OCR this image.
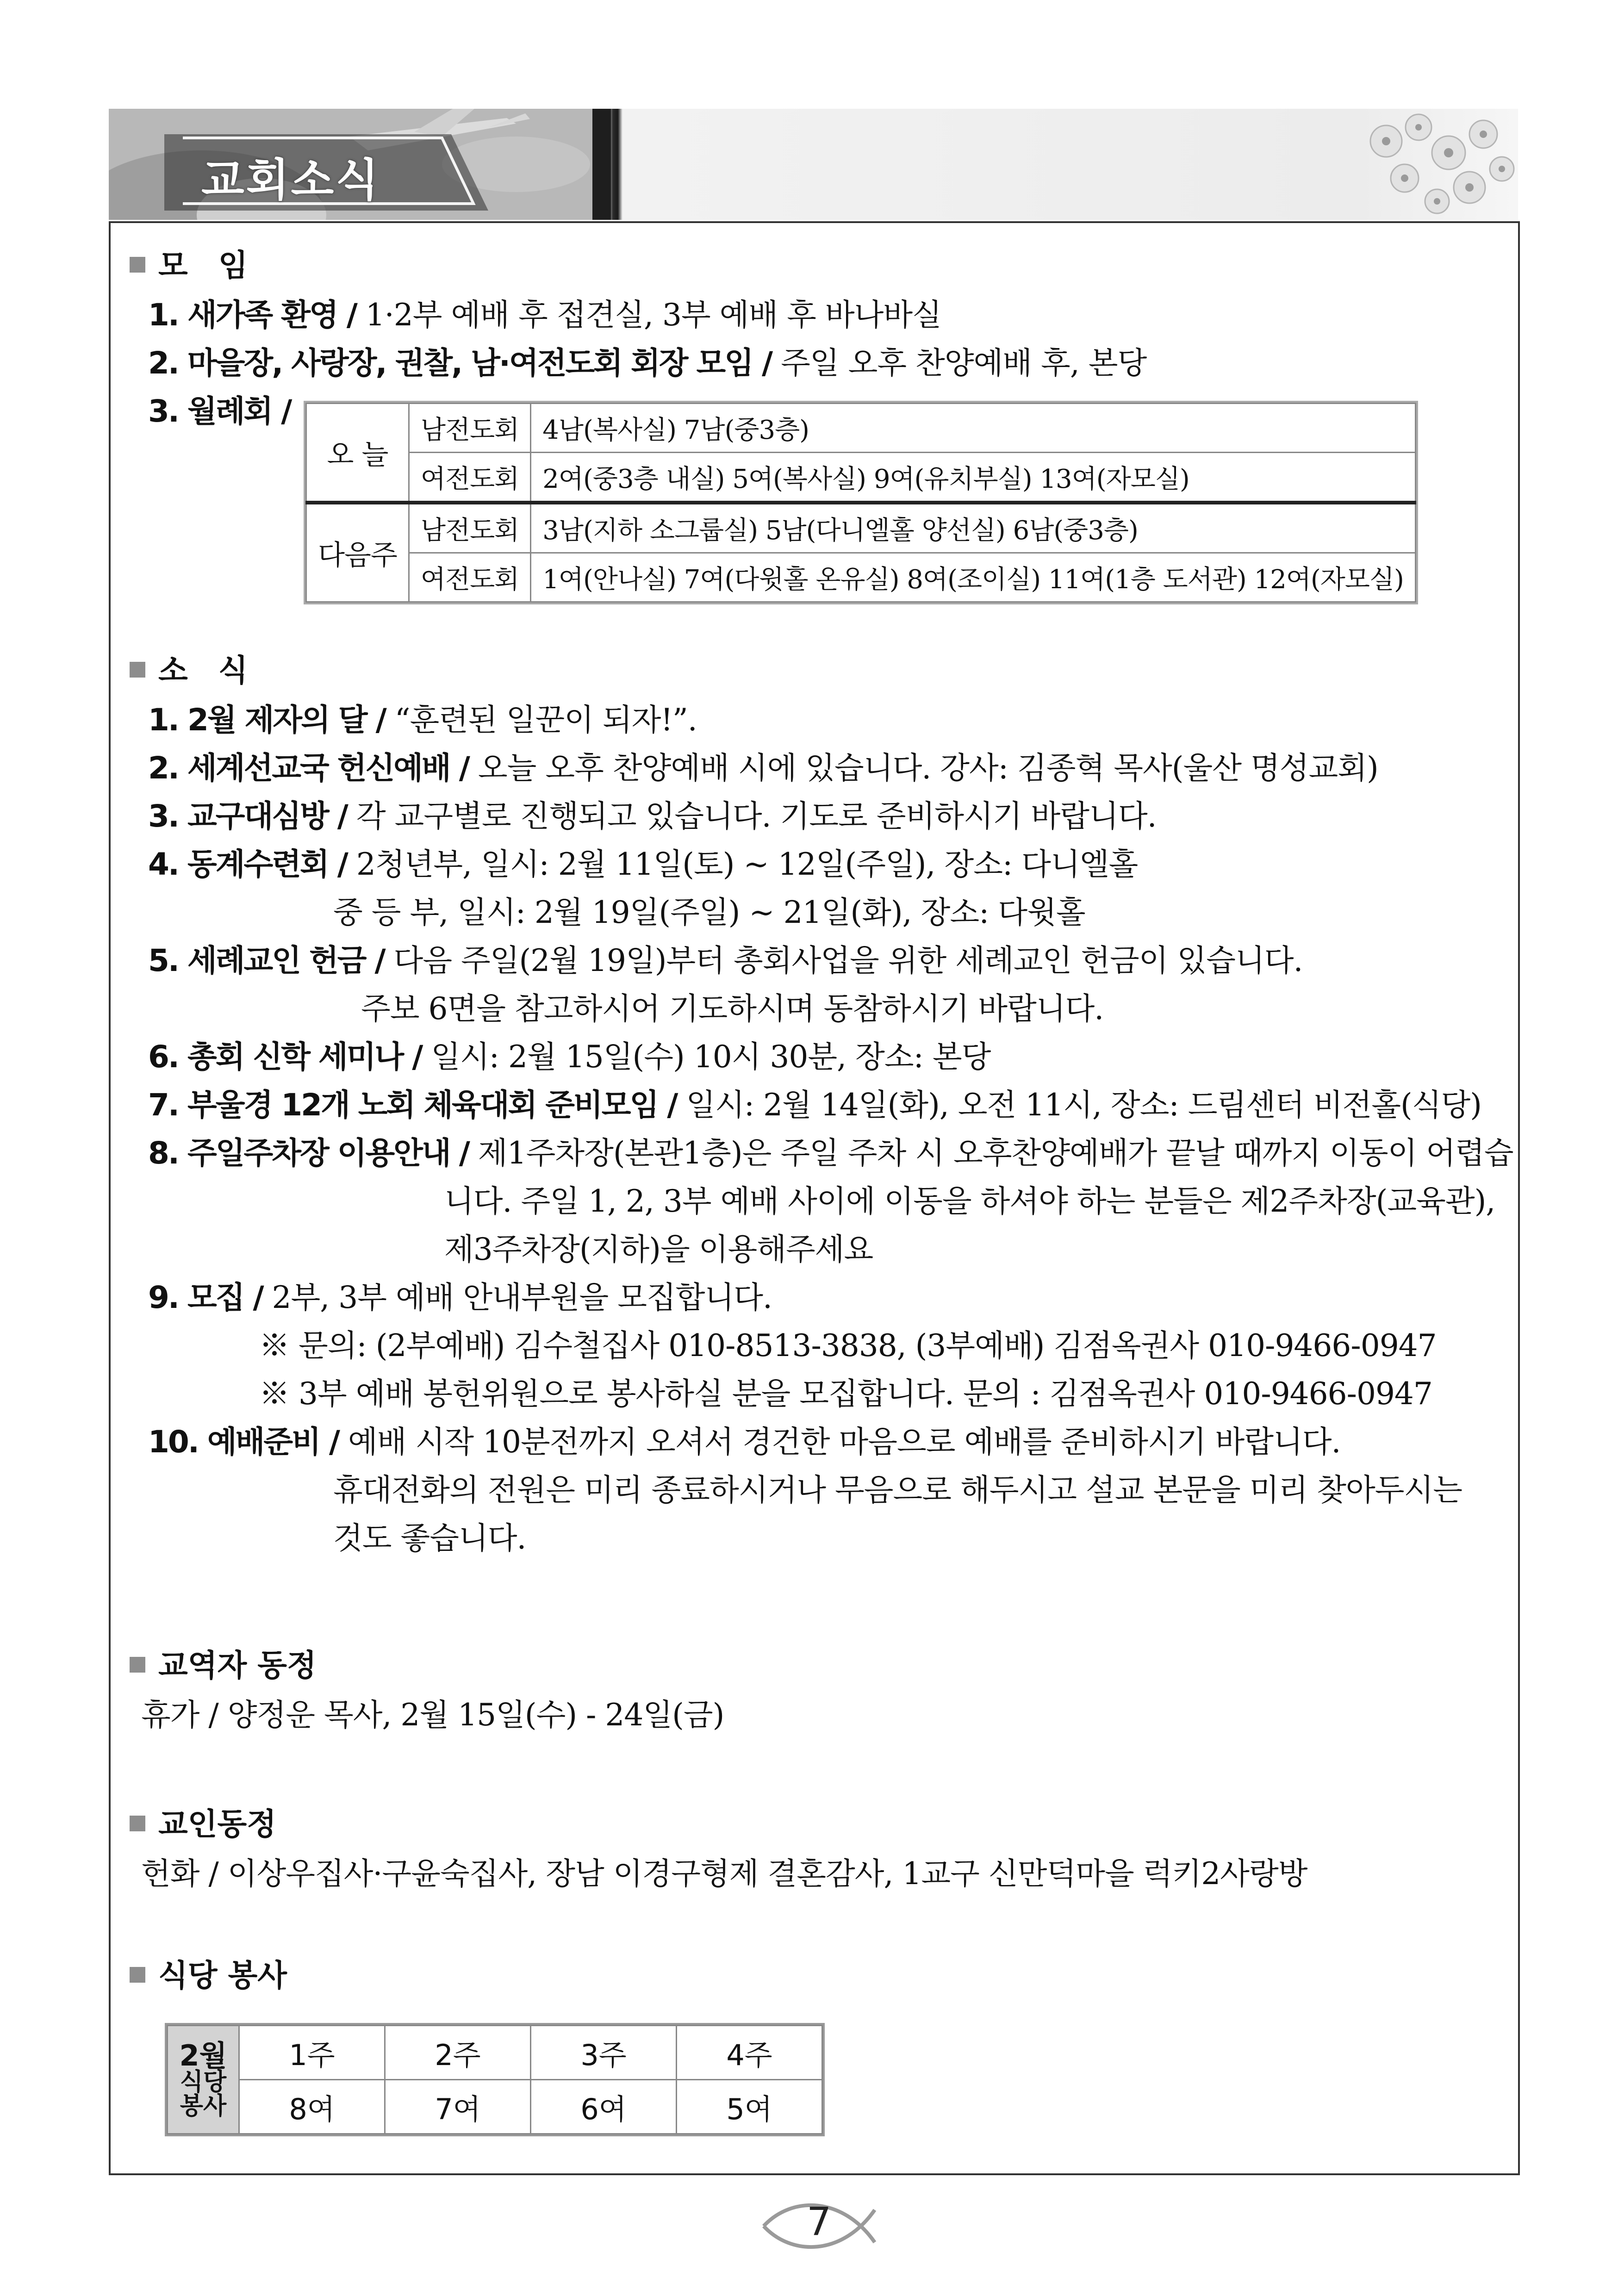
교회소식
모　임
1. 새가족 환영 / 1·2부 예배 후 접견실, 3부 예배 후 바나바실
2. 마을장, 사랑장, 권찰, 남·여전도회 회장 모임 / 주일 오후 찬양예배 후, 본당
3. 월례회 /
오 늘	남전도회	4남(복사실) 7남(중3층)
	여전도회	2여(중3층 내실) 5여(복사실) 9여(유치부실) 13여(자모실)
다음주	남전도회	3남(지하 소그룹실) 5남(다니엘홀 양선실) 6남(중3층)
	여전도회	1여(안나실) 7여(다윗홀 온유실) 8여(조이실) 11여(1층 도서관) 12여(자모실)
소　식
1. 2월 제자의 달 / “훈련된 일꾼이 되자!”.
2. 세계선교국 헌신예배 / 오늘 오후 찬양예배 시에 있습니다. 강사: 김종혁 목사(울산 명성교회)
3. 교구대심방 / 각 교구별로 진행되고 있습니다. 기도로 준비하시기 바랍니다.
4. 동계수련회 / 2청년부, 일시: 2월 11일(토) ~ 12일(주일), 장소: 다니엘홀
중 등 부, 일시: 2월 19일(주일) ~ 21일(화), 장소: 다윗홀
5. 세례교인 헌금 / 다음 주일(2월 19일)부터 총회사업을 위한 세례교인 헌금이 있습니다.
주보 6면을 참고하시어 기도하시며 동참하시기 바랍니다.
6. 총회 신학 세미나 / 일시: 2월 15일(수) 10시 30분, 장소: 본당
7. 부울경 12개 노회 체육대회 준비모임 / 일시: 2월 14일(화), 오전 11시, 장소: 드림센터 비전홀(식당)
8. 주일주차장 이용안내 / 제1주차장(본관1층)은 주일 주차 시 오후찬양예배가 끝날 때까지 이동이 어렵습
니다. 주일 1, 2, 3부 예배 사이에 이동을 하셔야 하는 분들은 제2주차장(교육관),
제3주차장(지하)을 이용해주세요
9. 모집 / 2부, 3부 예배 안내부원을 모집합니다.
※ 문의: (2부예배) 김수철집사 010-8513-3838, (3부예배) 김점옥권사 010-9466-0947
※ 3부 예배 봉헌위원으로 봉사하실 분을 모집합니다. 문의 : 김점옥권사 010-9466-0947
10. 예배준비 / 예배 시작 10분전까지 오셔서 경건한 마음으로 예배를 준비하시기 바랍니다.
휴대전화의 전원은 미리 종료하시거나 무음으로 해두시고 설교 본문을 미리 찾아두시는
것도 좋습니다.
교역자 동정
휴가 / 양정운 목사, 2월 15일(수) - 24일(금)
교인동정
헌화 / 이상우집사·구윤숙집사, 장남 이경구형제 결혼감사, 1교구 신만덕마을 럭키2사랑방
식당 봉사
2월
식당
봉사	1주	2주	3주	4주
	8여	7여	6여	5여
7
